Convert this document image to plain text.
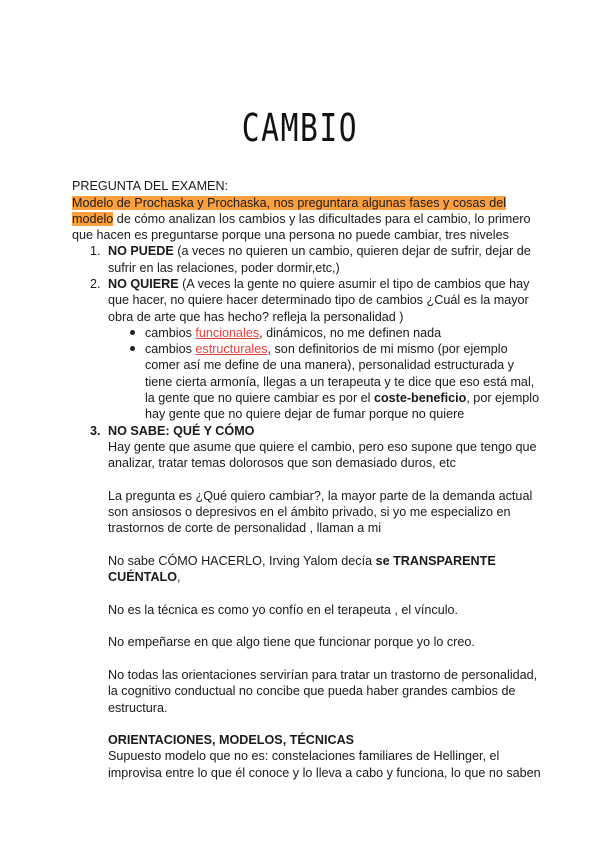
CAMBIO
PREGUNTA DEL EXAMEN:
Modelo de Prochaska y Prochaska, nos preguntara algunas fases y cosas del
modelo de cómo analizan los cambios y las dificultades para el cambio, lo primero
que hacen es preguntarse porque una persona no puede cambiar, tres niveles
1. NO PUEDE (a veces no quieren un cambio, quieren dejar de sufrir, dejar de
sufrir en las relaciones, poder dormir,etc,)
2. NO QUIERE (A veces la gente no quiere asumir el tipo de cambios que hay
que hacer, no quiere hacer determinado tipo de cambios ¿Cuál es la mayor
obra de arte que has hecho? refleja la personalidad )
cambios funcionales, dinámicos, no me definen nada
cambios estructurales, son definitorios de mi mismo (por ejemplo
comer así me define de una manera), personalidad estructurada y
tiene cierta armonía, llegas a un terapeuta y te dice que eso está mal,
la gente que no quiere cambiar es por el coste-beneficio, por ejemplo
hay gente que no quiere dejar de fumar porque no quiere
3. NO SABE: QUÉ Y CÓMO
Hay gente que asume que quiere el cambio, pero eso supone que tengo que
analizar, tratar temas dolorosos que son demasiado duros, etc
La pregunta es ¿Qué quiero cambiar?, la mayor parte de la demanda actual
son ansiosos o depresivos en el ámbito privado, si yo me especializo en
trastornos de corte de personalidad , llaman a mi
No sabe CÓMO HACERLO, Irving Yalom decía se TRANSPARENTE
CUÉNTALO,
No es la técnica es como yo confío en el terapeuta , el vínculo.
No empeñarse en que algo tiene que funcionar porque yo lo creo.
No todas las orientaciones servirían para tratar un trastorno de personalidad,
la cognitivo conductual no concibe que pueda haber grandes cambios de
estructura.
ORIENTACIONES, MODELOS, TÉCNICAS
Supuesto modelo que no es: constelaciones familiares de Hellinger, el
improvisa entre lo que él conoce y lo lleva a cabo y funciona, lo que no saben
